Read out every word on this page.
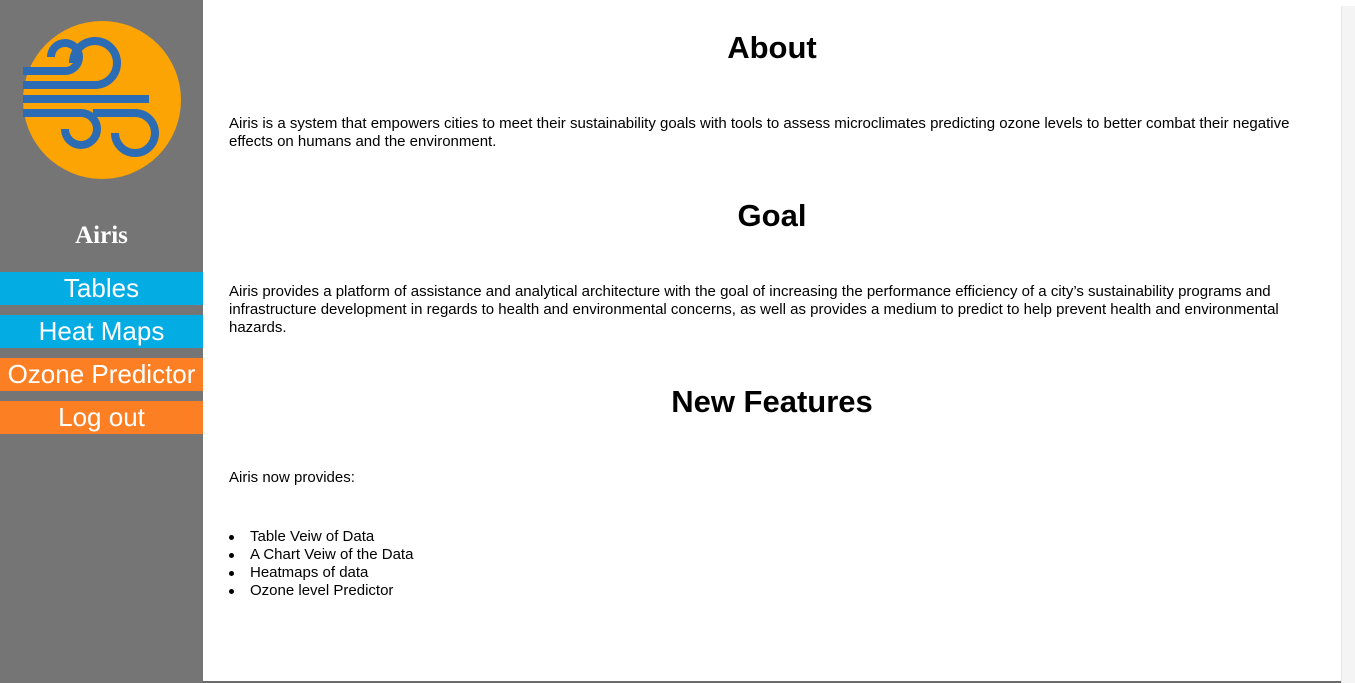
Airis
Tables
Heat Maps
Ozone Predictor
Log out
About

Airis is a system that empowers cities to meet their sustainability goals with tools to assess microclimates predicting ozone levels to better combat their negative effects on humans and the environment.

Goal

Airis provides a platform of assistance and analytical architecture with the goal of increasing the performance efficiency of a city’s sustainability programs and infrastructure development in regards to health and environmental concerns, as well as provides a medium to predict to help prevent health and environmental hazards.

New Features

Airis now provides:

Table Veiw of Data
A Chart Veiw of the Data
Heatmaps of data
Ozone level Predictor
